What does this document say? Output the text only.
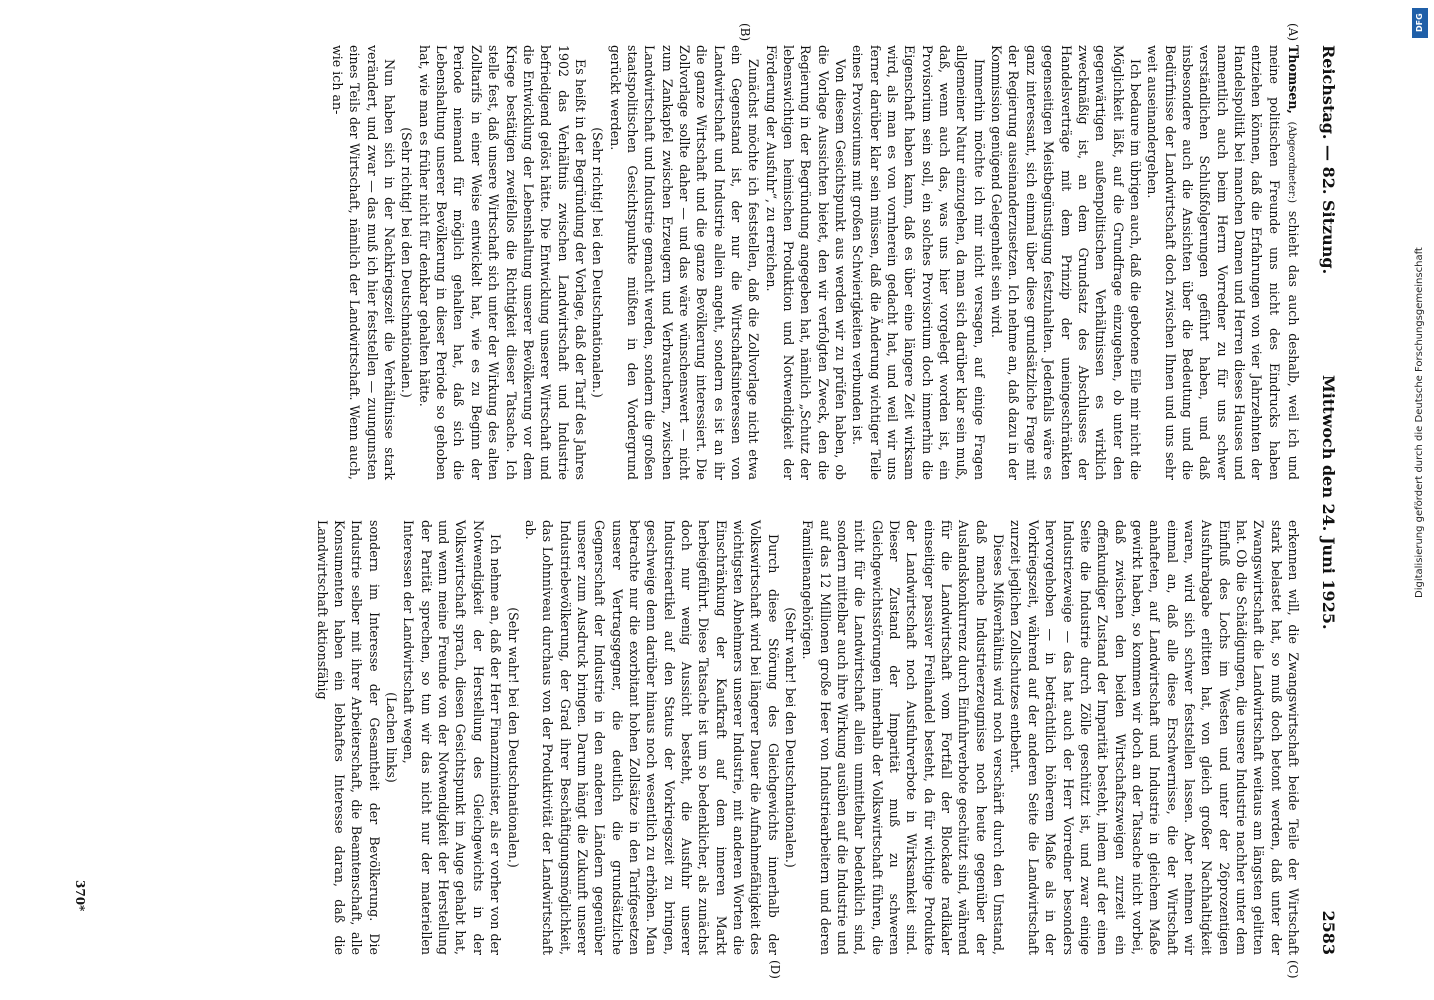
Reichstag. — 82. Sitzung.
Mittwoch den 24. Juni 1925.
2583
(A)
(B)
(C)
(D)

Thomsen, (Abgeordneter:) schieht das auch deshalb, weil ich und meine politischen Freunde uns nicht des Eindrucks haben entziehen können, daß die Erfahrungen von vier Jahrzehnten der Handelspolitik bei manchen Damen und Herren dieses Hauses und namentlich auch beim Herrn Vorredner zu für uns schwer verständlichen Schlußfolgerungen geführt haben, und daß insbesondere auch die Ansichten über die Bedeutung und die Bedürfnisse der Landwirtschaft doch zwischen Ihnen und uns sehr weit auseinandergehen.

Ich bedaure im übrigen auch, daß die gebotene Eile mir nicht die Möglichkeit läßt, auf die Grundfrage einzugehen, ob unter den gegenwärtigen außenpolitischen Verhältnissen es wirklich zweckmäßig ist, an dem Grundsatz des Abschlusses der Handelsverträge mit dem Prinzip der uneingeschränkten gegenseitigen Meistbegünstigung festzuhalten. Jedenfalls wäre es ganz interessant, sich einmal über diese grundsätzliche Frage mit der Regierung auseinanderzusetzen. Ich nehme an, daß dazu in der Kommission genügend Gelegenheit sein wird.

Immerhin möchte ich mir nicht versagen, auf einige Fragen allgemeiner Natur einzugehen, da man sich darüber klar sein muß, daß, wenn auch das, was uns hier vorgelegt worden ist, ein Provisorium sein soll, ein solches Provisorium doch immerhin die Eigenschaft haben kann, daß es über eine längere Zeit wirksam wird, als man es von vornherein gedacht hat, und weil wir uns ferner darüber klar sein müssen, daß die Änderung wichtiger Teile eines Provisoriums mit großen Schwierigkeiten verbunden ist.

Von diesem Gesichtspunkt aus werden wir zu prüfen haben, ob die Vorlage Aussichten bietet, den wir verfolgten Zweck, den die Regierung in der Begründung angegeben hat, nämlich „Schutz der lebenswichtigen heimischen Produktion und Notwendigkeit der Förderung der Ausfuhr“, zu erreichen.

Zunächst möchte ich feststellen, daß die Zollvorlage nicht etwa ein Gegenstand ist, der nur die Wirtschaftsinteressen von Landwirtschaft und Industrie allein angeht, sondern es ist an ihr die ganze Wirtschaft und die ganze Bevölkerung interessiert. Die Zollvorlage sollte daher — und das wäre wünschenswert — nicht zum Zankapfel zwischen Erzeugern und Verbrauchern, zwischen Landwirtschaft und Industrie gemacht werden, sondern die großen staatspolitischen Gesichtspunkte müßten in den Vordergrund gerückt werden.

(Sehr richtig! bei den Deutschnationalen.)

Es heißt in der Begründung der Vorlage, daß der Tarif des Jahres 1902 das Verhältnis zwischen Landwirtschaft und Industrie befriedigend gelöst hätte. Die Entwicklung unserer Wirtschaft und die Entwicklung der Lebenshaltung unserer Bevölkerung vor dem Kriege bestätigen zweifellos die Richtigkeit dieser Tatsache. Ich stelle fest, daß unsere Wirtschaft sich unter der Wirkung des alten Zolltarifs in einer Weise entwickelt hat, wie es zu Beginn der Periode niemand für möglich gehalten hat, daß sich die Lebenshaltung unserer Bevölkerung in dieser Periode so gehoben hat, wie man es früher nicht für denkbar gehalten hätte.

(Sehr richtig! bei den Deutschnationalen.)

Nun haben sich in der Nachkriegszeit die Verhältnisse stark verändert, und zwar — das muß ich hier feststellen — zuungunsten eines Teils der Wirtschaft, nämlich der Landwirtschaft. Wenn auch, wie ich an-

erkennen will, die Zwangswirtschaft beide Teile der Wirtschaft stark belastet hat, so muß doch betont werden, daß unter der Zwangswirtschaft die Landwirtschaft weitaus am längsten gelitten hat. Ob die Schädigungen, die unsere Industrie nachher unter dem Einfluß des Lochs im Westen und unter der 26prozentigen Ausfuhrabgabe erlitten hat, von gleich großer Nachhaltigkeit waren, wird sich schwer feststellen lassen. Aber nehmen wir einmal an, daß alle diese Erschwernisse, die der Wirtschaft anhafteten, auf Landwirtschaft und Industrie in gleichem Maße gewirkt haben, so kommen wir doch an der Tatsache nicht vorbei, daß zwischen den beiden Wirtschaftszweigen zurzeit ein offenkundiger Zustand der Imparität besteht, indem auf der einen Seite die Industrie durch Zölle geschützt ist, und zwar einige Industriezweige — das hat auch der Herr Vorredner besonders hervorgehoben — in beträchtlich höherem Maße als in der Vorkriegszeit, während auf der anderen Seite die Landwirtschaft zurzeit jeglichen Zollschutzes entbehrt.

Dieses Mißverhältnis wird noch verschärft durch den Umstand, daß manche Industrieerzeugnisse noch heute gegenüber der Auslandskonkurrenz durch Einfuhrverbote geschützt sind, während für die Landwirtschaft vom Fortfall der Blockade radikaler einseitiger passiver Freihandel besteht, da für wichtige Produkte der Landwirtschaft noch Ausfuhrverbote in Wirksamkeit sind. Dieser Zustand der Imparität muß zu schweren Gleichgewichtsstörungen innerhalb der Volkswirtschaft führen, die nicht für die Landwirtschaft allein unmittelbar bedenklich sind, sondern mittelbar auch ihre Wirkung ausüben auf die Industrie und auf das 12 Millionen große Heer von Industriearbeitern und deren Familienangehörigen.

(Sehr wahr! bei den Deutschnationalen.)

Durch diese Störung des Gleichgewichts innerhalb der Volkswirtschaft wird bei längerer Dauer die Aufnahmefähigkeit des wichtigsten Abnehmers unserer Industrie, mit anderen Worten die Einschränkung der Kaufkraft auf dem inneren Markt herbeigeführt. Diese Tatsache ist um so bedenklicher, als zunächst doch nur wenig Aussicht besteht, die Ausfuhr unserer Industrieartikel auf den Status der Vorkriegszeit zu bringen, geschweige denn darüber hinaus noch wesentlich zu erhöhen. Man betrachte nur die exorbitant hohen Zollsätze in den Tarifgesetzen unserer Vertragsgegner, die deutlich die grundsätzliche Gegnerschaft der Industrie in den anderen Ländern gegenüber unserer zum Ausdruck bringen. Darum hängt die Zukunft unserer Industriebevölkerung, der Grad ihrer Beschäftigungsmöglichkeit, das Lohnniveau durchaus von der Produktivität der Landwirtschaft ab.

(Sehr wahr! bei den Deutschnationalen.)

Ich nehme an, daß der Herr Finanzminister, als er vorher von der Notwendigkeit der Herstellung des Gleichgewichts in der Volkswirtschaft sprach, diesen Gesichtspunkt im Auge gehabt hat, und wenn meine Freunde von der Notwendigkeit der Herstellung der Parität sprechen, so tun wir das nicht nur der materiellen Interessen der Landwirtschaft wegen,

(Lachen links)

sondern im Interesse der Gesamtheit der Bevölkerung. Die Industrie selber mit ihrer Arbeiterschaft, die Beamtenschaft, alle Konsumenten haben ein lebhaftes Interesse daran, daß die Landwirtschaft aktionsfähig

370*
Digitalisierung gefördert durch die Deutsche Forschungsgemeinschaft
DFG
